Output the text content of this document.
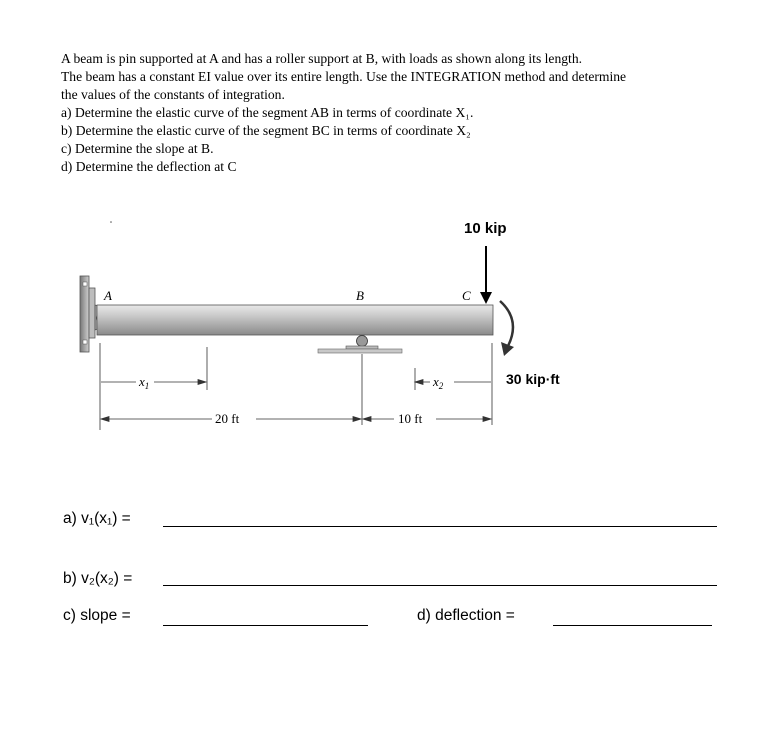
A beam is pin supported at A and has a roller support at B, with loads as shown along its length.

The beam has a constant EI value over its entire length. Use the INTEGRATION method and determine

the values of the constants of integration.

a) Determine the elastic curve of the segment AB in terms of coordinate X₁.

b) Determine the elastic curve of the segment BC in terms of coordinate X₂

c) Determine the slope at B.

d) Determine the deflection at C

A	B	C
10 kip
30 kip·ft
$x_1$	$x_2$
20 ft	10 ft
a) v₁(x₁) =
b) v₂(x₂) =
c) slope =	d) deflection =
